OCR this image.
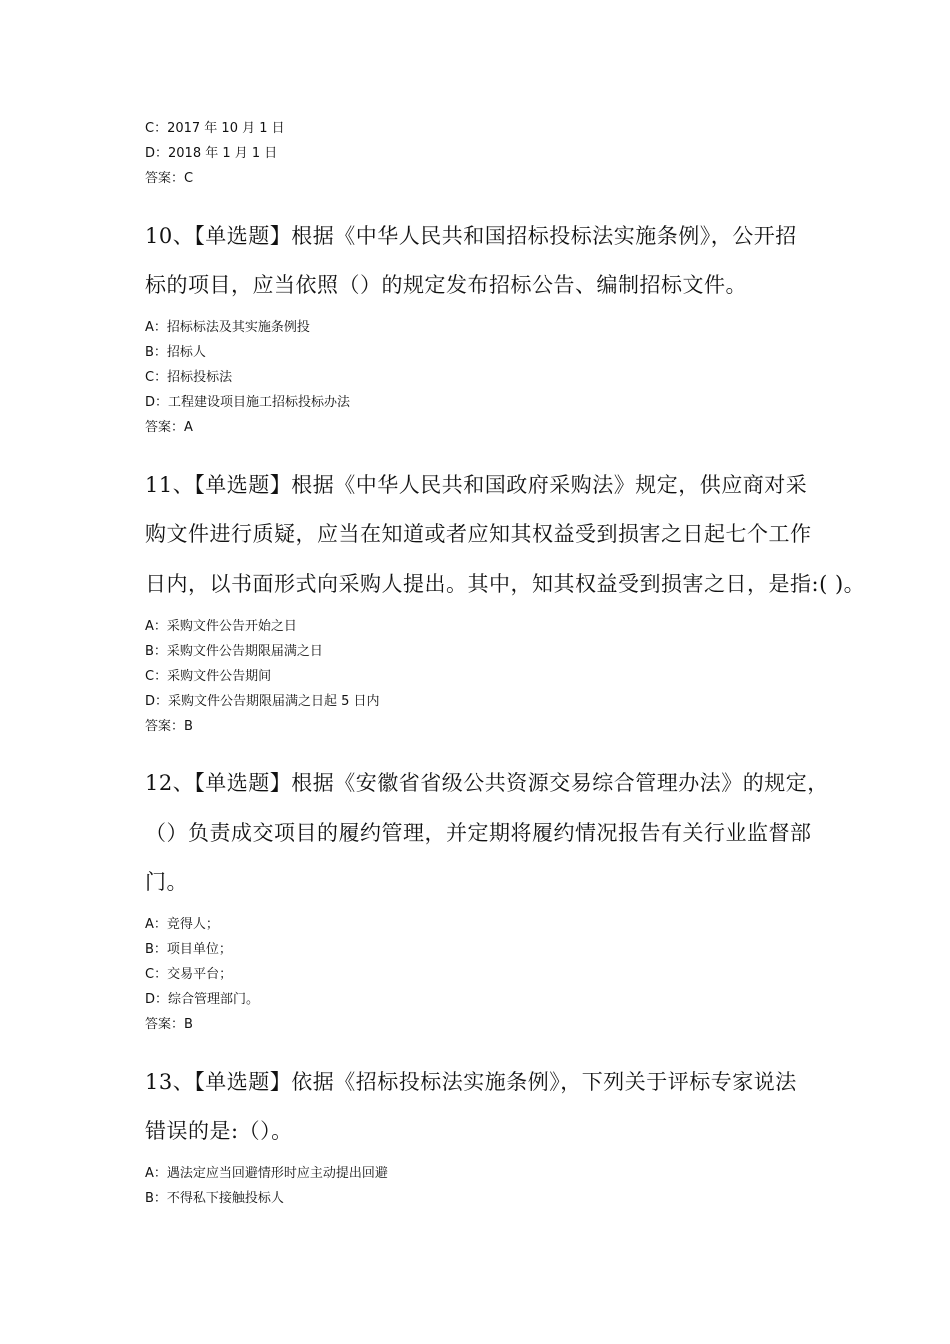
C：2017 年 10 月 1 日
D：2018 年 1 月 1 日
答案：C
10、【单选题】根据《中华人民共和国招标投标法实施条例》，公开招
标的项目，应当依照（）的规定发布招标公告、编制招标文件。
A：招标标法及其实施条例投
B：招标人
C：招标投标法
D：工程建设项目施工招标投标办法
答案：A
11、【单选题】根据《中华人民共和国政府采购法》规定，供应商对采
购文件进行质疑，应当在知道或者应知其权益受到损害之日起七个工作
日内，以书面形式向采购人提出。其中，知其权益受到损害之日，是指:( )。
A：采购文件公告开始之日
B：采购文件公告期限届满之日
C：采购文件公告期间
D：采购文件公告期限届满之日起 5 日内
答案：B
12、【单选题】根据《安徽省省级公共资源交易综合管理办法》的规定，
（）负责成交项目的履约管理，并定期将履约情况报告有关行业监督部
门。
A：竞得人；
B：项目单位；
C：交易平台；
D：综合管理部门。
答案：B
13、【单选题】依据《招标投标法实施条例》，下列关于评标专家说法
错误的是:（）。
A：遇法定应当回避情形时应主动提出回避
B：不得私下接触投标人
